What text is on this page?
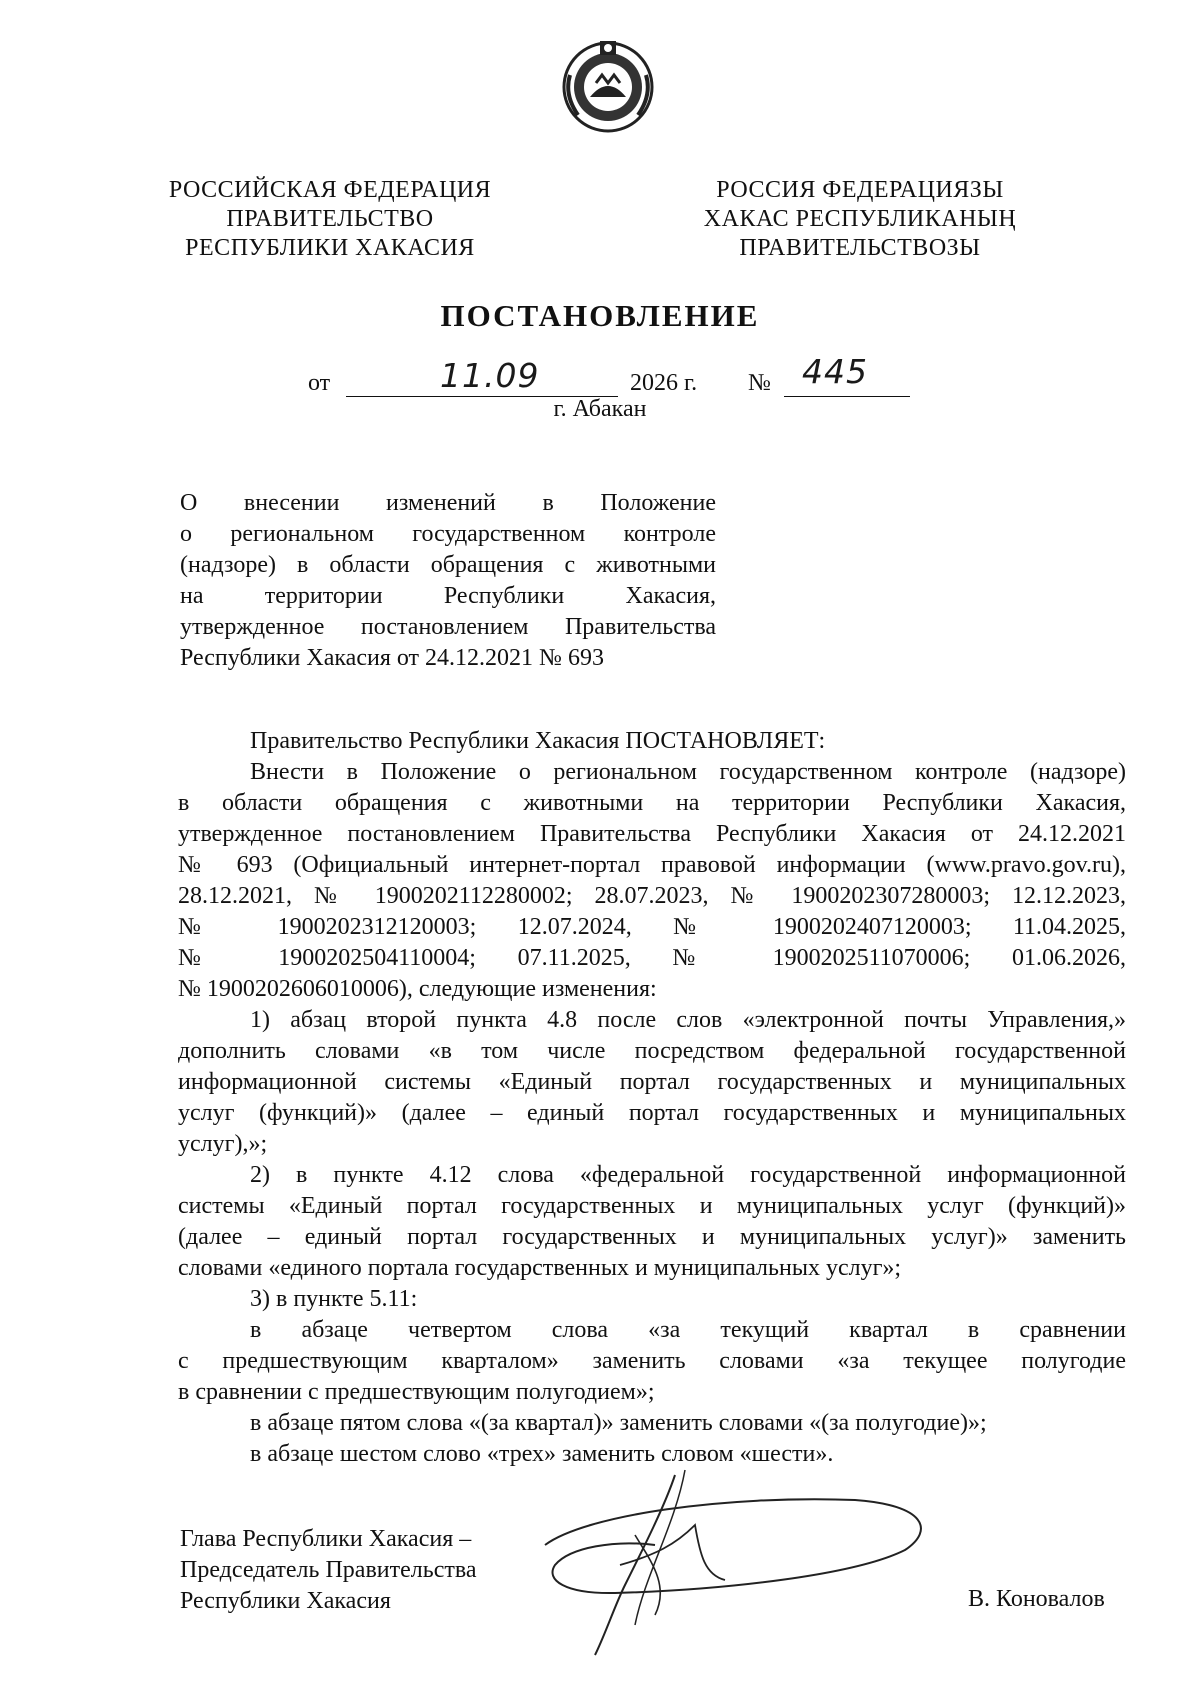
РОССИЙСКАЯ ФЕДЕРАЦИЯ
ПРАВИТЕЛЬСТВО
РЕСПУБЛИКИ ХАКАСИЯ
РОССИЯ ФЕДЕРАЦИЯЗЫ
ХАКАС РЕСПУБЛИКАНЫҢ
ПРАВИТЕЛЬСТВОЗЫ
ПОСТАНОВЛЕНИЕ
от	11.09	2026 г. № 445
г. Абакан
О внесении изменений в Положение
о региональном государственном контроле
(надзоре) в области обращения с животными
на территории Республики Хакасия,
утвержденное постановлением Правительства
Республики Хакасия от 24.12.2021 № 693
Правительство Республики Хакасия ПОСТАНОВЛЯЕТ:
Внести в Положение о региональном государственном контроле (надзоре)
в области обращения с животными на территории Республики Хакасия,
утвержденное постановлением Правительства Республики Хакасия от 24.12.2021
№ 693 (Официальный интернет-портал правовой информации (www.pravo.gov.ru),
28.12.2021, № 1900202112280002; 28.07.2023, № 1900202307280003; 12.12.2023,
№ 1900202312120003; 12.07.2024, № 1900202407120003; 11.04.2025,
№ 1900202504110004; 07.11.2025, № 1900202511070006; 01.06.2026,
№ 1900202606010006), следующие изменения:
1) абзац второй пункта 4.8 после слов «электронной почты Управления,»
дополнить словами «в том числе посредством федеральной государственной
информационной системы «Единый портал государственных и муниципальных
услуг (функций)» (далее – единый портал государственных и муниципальных
услуг),»;
2) в пункте 4.12 слова «федеральной государственной информационной
системы «Единый портал государственных и муниципальных услуг (функций)»
(далее – единый портал государственных и муниципальных услуг)» заменить
словами «единого портала государственных и муниципальных услуг»;
3) в пункте 5.11:
в абзаце четвертом слова «за текущий квартал в сравнении
с предшествующим кварталом» заменить словами «за текущее полугодие
в сравнении с предшествующим полугодием»;
в абзаце пятом слова «(за квартал)» заменить словами «(за полугодие)»;
в абзаце шестом слово «трех» заменить словом «шести».
Глава Республики Хакасия –
Председатель Правительства
Республики Хакасия	В. Коновалов
